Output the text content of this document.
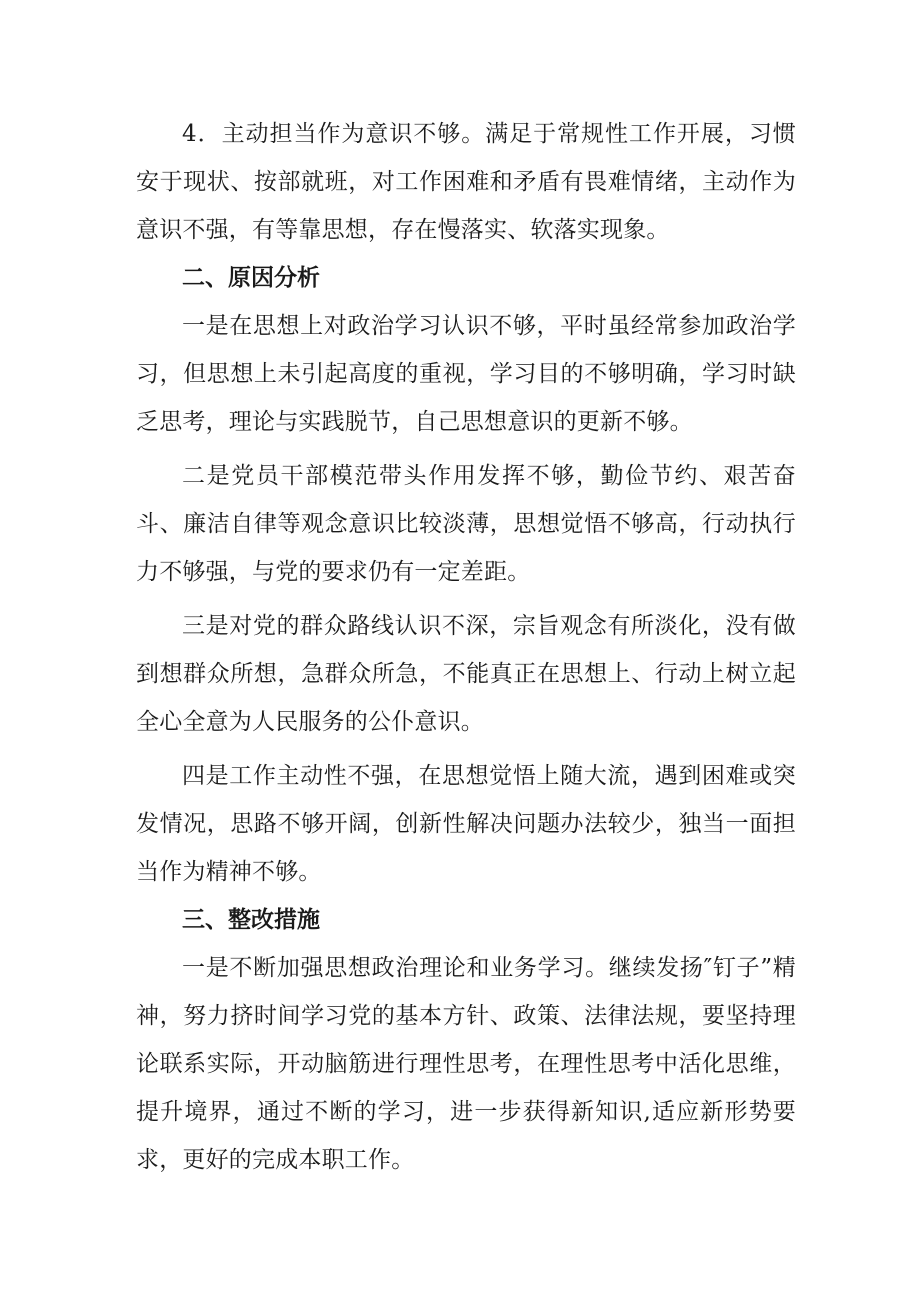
4．主动担当作为意识不够。满足于常规性工作开展，习惯安于现状、按部就班，对工作困难和矛盾有畏难情绪，主动作为意识不强，有等靠思想，存在慢落实、软落实现象。

二、原因分析

一是在思想上对政治学习认识不够，平时虽经常参加政治学习，但思想上未引起高度的重视，学习目的不够明确，学习时缺乏思考，理论与实践脱节，自己思想意识的更新不够。

二是党员干部模范带头作用发挥不够，勤俭节约、艰苦奋斗、廉洁自律等观念意识比较淡薄，思想觉悟不够高，行动执行力不够强，与党的要求仍有一定差距。

三是对党的群众路线认识不深，宗旨观念有所淡化，没有做到想群众所想，急群众所急，不能真正在思想上、行动上树立起全心全意为人民服务的公仆意识。

四是工作主动性不强，在思想觉悟上随大流，遇到困难或突发情况，思路不够开阔，创新性解决问题办法较少，独当一面担当作为精神不够。

三、整改措施

一是不断加强思想政治理论和业务学习。继续发扬″钉子”精神，努力挤时间学习党的基本方针、政策、法律法规，要坚持理论联系实际，开动脑筋进行理性思考，在理性思考中活化思维，提升境界，通过不断的学习，进一步获得新知识,适应新形势要求，更好的完成本职工作。
